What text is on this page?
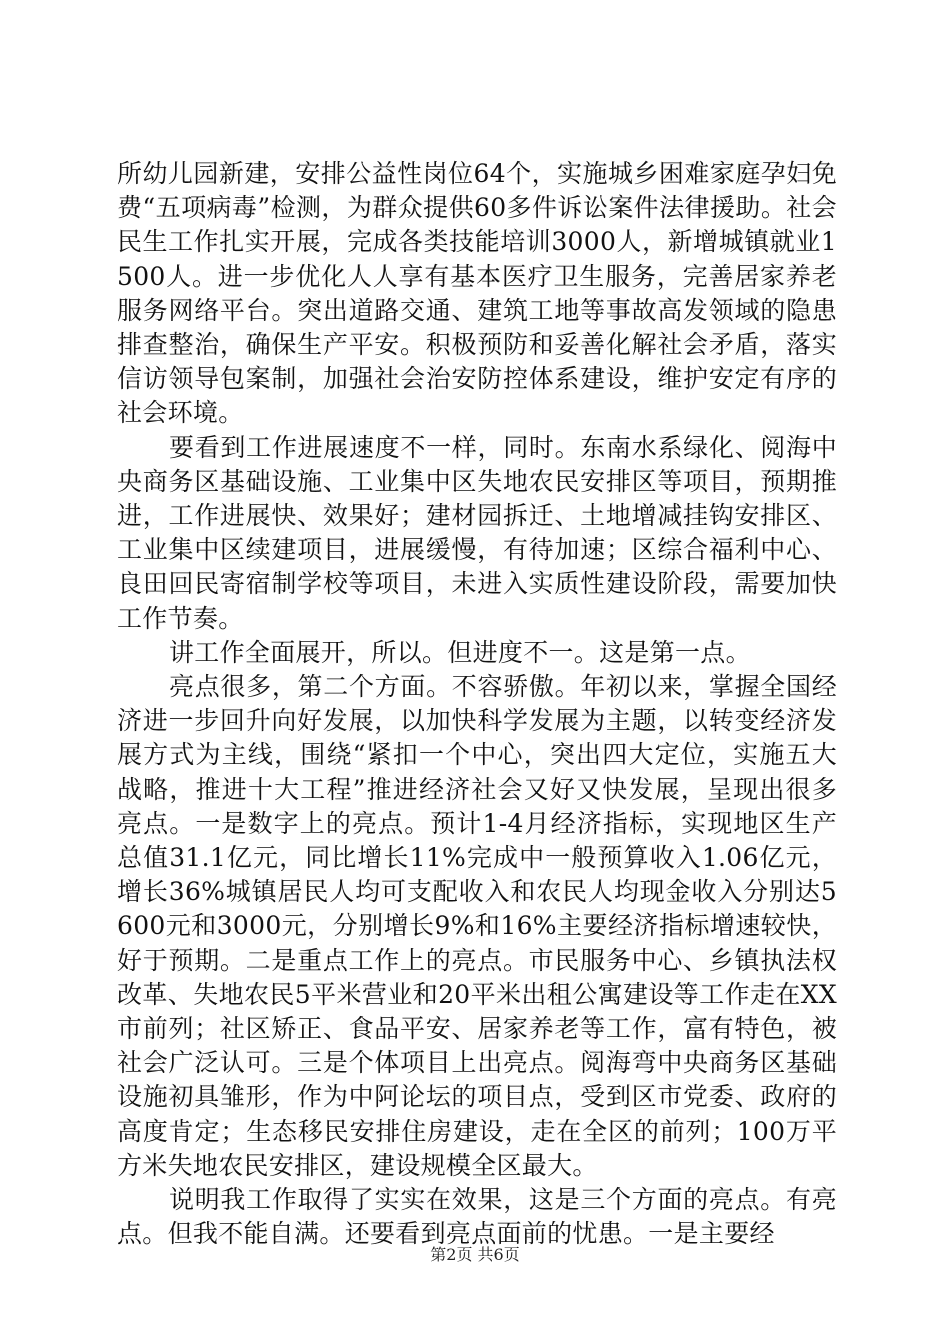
所幼儿园新建，安排公益性岗位64个，实施城乡困难家庭孕妇免费“五项病毒”检测，为群众提供60多件诉讼案件法律援助。社会民生工作扎实开展，完成各类技能培训3000人，新增城镇就业1500人。进一步优化人人享有基本医疗卫生服务，完善居家养老服务网络平台。突出道路交通、建筑工地等事故高发领域的隐患排查整治，确保生产平安。积极预防和妥善化解社会矛盾，落实信访领导包案制，加强社会治安防控体系建设，维护安定有序的社会环境。

要看到工作进展速度不一样，同时。东南水系绿化、阅海中央商务区基础设施、工业集中区失地农民安排区等项目，预期推进，工作进展快、效果好；建材园拆迁、土地增减挂钩安排区、工业集中区续建项目，进展缓慢，有待加速；区综合福利中心、良田回民寄宿制学校等项目，未进入实质性建设阶段，需要加快工作节奏。

讲工作全面展开，所以。但进度不一。这是第一点。

亮点很多，第二个方面。不容骄傲。年初以来，掌握全国经济进一步回升向好发展，以加快科学发展为主题，以转变经济发展方式为主线，围绕“紧扣一个中心，突出四大定位，实施五大战略，推进十大工程”推进经济社会又好又快发展，呈现出很多亮点。一是数字上的亮点。预计1-4月经济指标，实现地区生产总值31.1亿元，同比增长11%完成中一般预算收入1.06亿元，增长36%城镇居民人均可支配收入和农民人均现金收入分别达5600元和3000元，分别增长9%和16%主要经济指标增速较快，好于预期。二是重点工作上的亮点。市民服务中心、乡镇执法权改革、失地农民5平米营业和20平米出租公寓建设等工作走在XX市前列；社区矫正、食品平安、居家养老等工作，富有特色，被社会广泛认可。三是个体项目上出亮点。阅海弯中央商务区基础设施初具雏形，作为中阿论坛的项目点，受到区市党委、政府的高度肯定；生态移民安排住房建设，走在全区的前列；100万平方米失地农民安排区，建设规模全区最大。

说明我工作取得了实实在效果，这是三个方面的亮点。有亮点。但我不能自满。还要看到亮点面前的忧患。一是主要经

第2页 共6页
